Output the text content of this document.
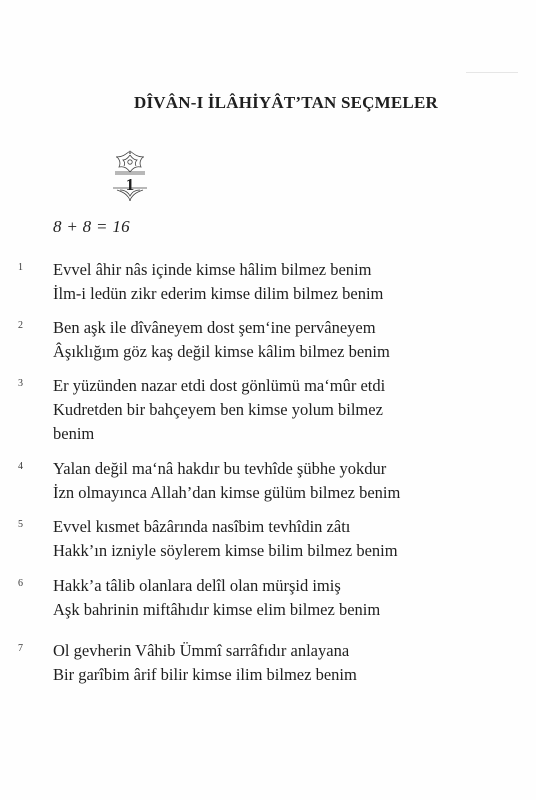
DÎVÂN-I İLÂHİYÂT’TAN SEÇMELER
1
8 + 8 = 16
1 Evvel âhir nâs içinde kimse hâlim bilmez benim
İlm-i ledün zikr ederim kimse dilim bilmez benim
2 Ben aşk ile dîvâneyem dost şem‘ine pervâneyem
Âşıklığım göz kaş değil kimse kâlim bilmez benim
3 Er yüzünden nazar etdi dost gönlümü ma‘mûr etdi
Kudretden bir bahçeyem ben kimse yolum bilmez
benim
4 Yalan değil ma‘nâ hakdır bu tevhîde şübhe yokdur
İzn olmayınca Allah’dan kimse gülüm bilmez benim
5 Evvel kısmet bâzârında nasîbim tevhîdin zâtı
Hakk’ın izniyle söylerem kimse bilim bilmez benim
6 Hakk’a tâlib olanlara delîl olan mürşid imiş
Aşk bahrinin miftâhıdır kimse elim bilmez benim
7 Ol gevherin Vâhib Ümmî sarrâfıdır anlayana
Bir garîbim ârif bilir kimse ilim bilmez benim
